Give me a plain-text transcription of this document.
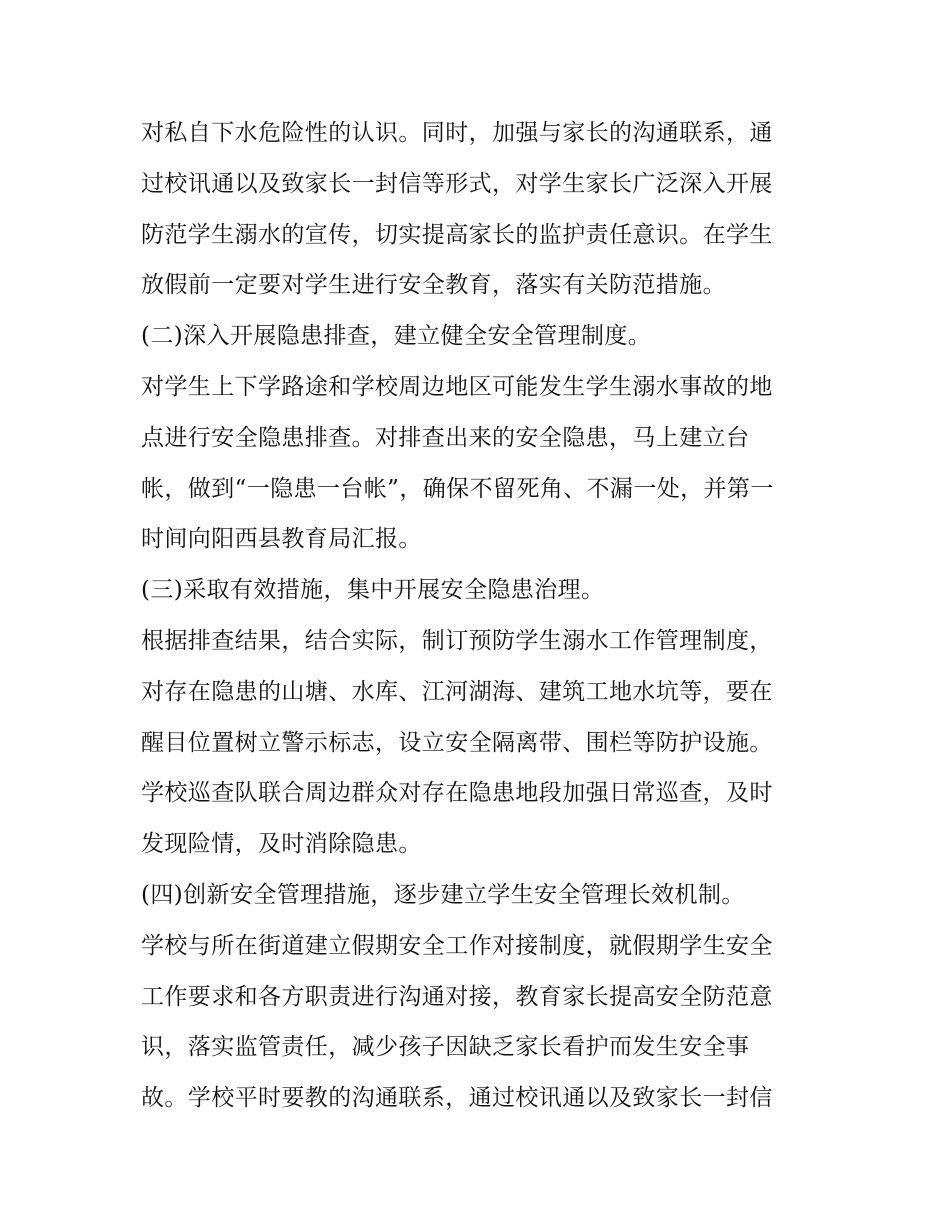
对私自下水危险性的认识。同时，加强与家长的沟通联系，通
过校讯通以及致家长一封信等形式，对学生家长广泛深入开展
防范学生溺水的宣传，切实提高家长的监护责任意识。在学生
放假前一定要对学生进行安全教育，落实有关防范措施。
(二)深入开展隐患排查，建立健全安全管理制度。
对学生上下学路途和学校周边地区可能发生学生溺水事故的地
点进行安全隐患排查。对排查出来的安全隐患，马上建立台
帐，做到“一隐患一台帐”，确保不留死角、不漏一处，并第一
时间向阳西县教育局汇报。
(三)采取有效措施，集中开展安全隐患治理。
根据排查结果，结合实际，制订预防学生溺水工作管理制度，
对存在隐患的山塘、水库、江河湖海、建筑工地水坑等，要在
醒目位置树立警示标志，设立安全隔离带、围栏等防护设施。
学校巡查队联合周边群众对存在隐患地段加强日常巡查，及时
发现险情，及时消除隐患。
(四)创新安全管理措施，逐步建立学生安全管理长效机制。
学校与所在街道建立假期安全工作对接制度，就假期学生安全
工作要求和各方职责进行沟通对接，教育家长提高安全防范意
识，落实监管责任，减少孩子因缺乏家长看护而发生安全事
故。学校平时要教的沟通联系，通过校讯通以及致家长一封信
